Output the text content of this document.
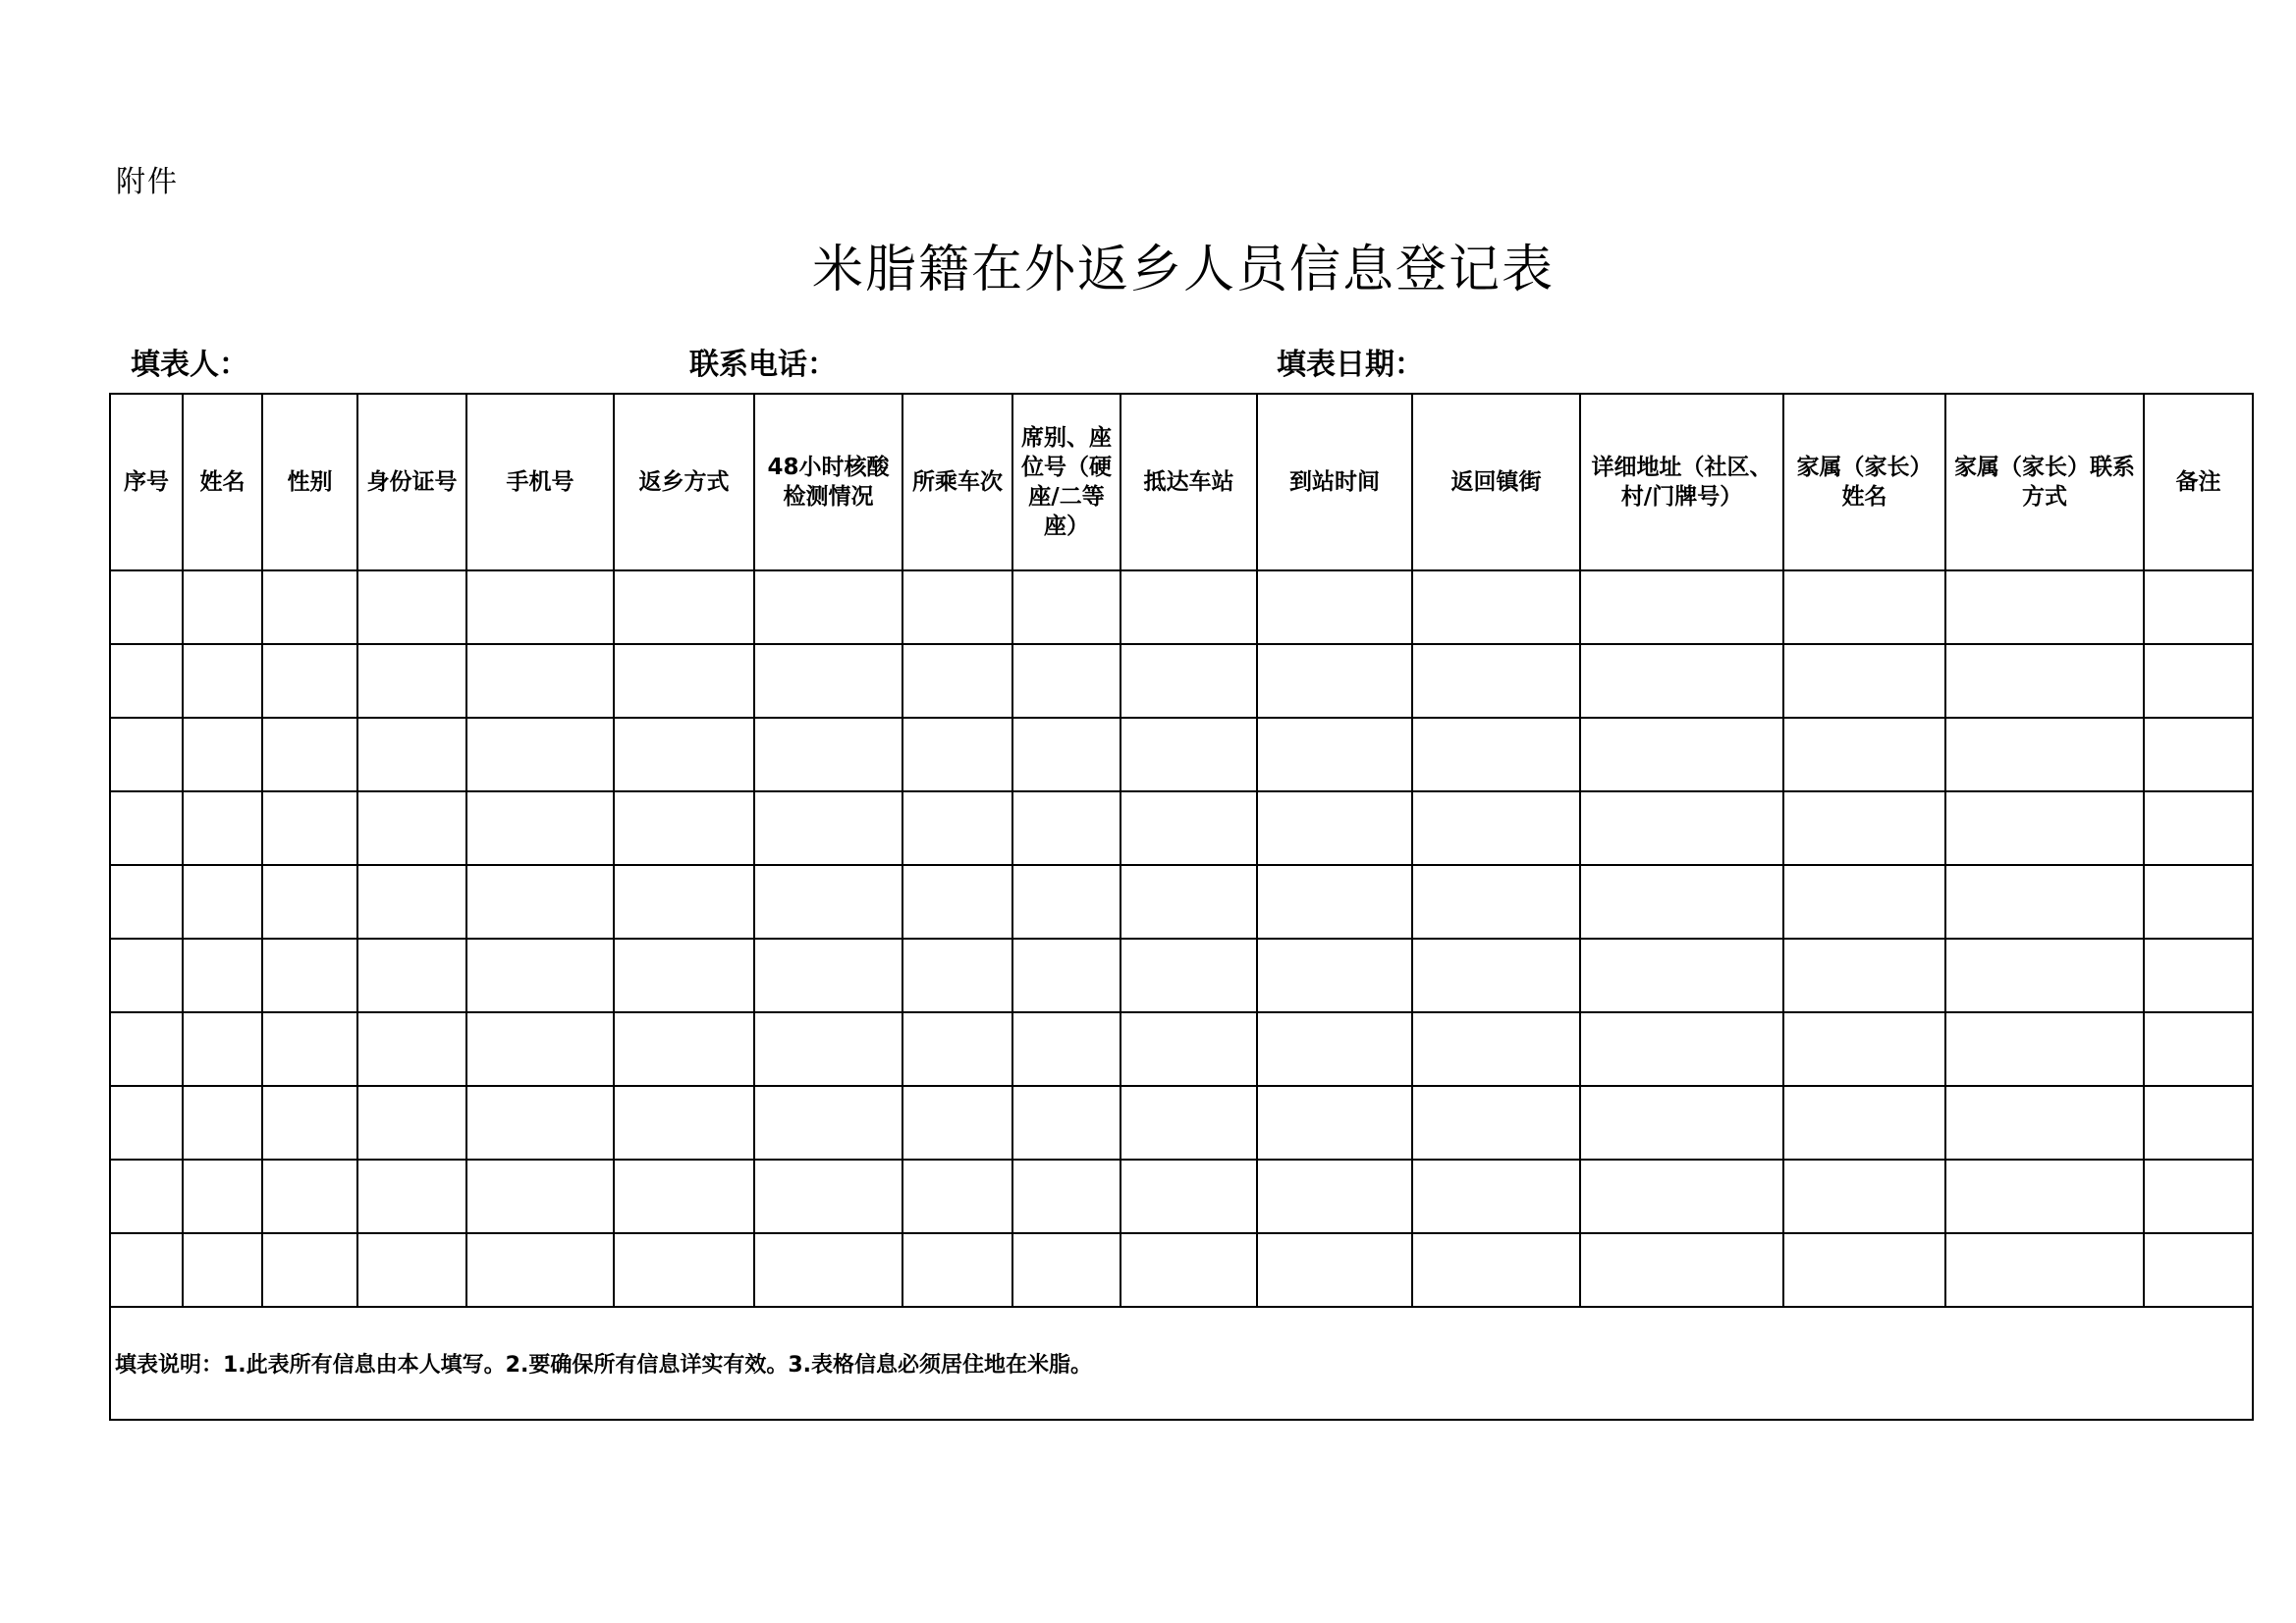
附件
米脂籍在外返乡人员信息登记表
填表人：	联系电话：	填表日期：
序号	姓名	性别	身份证号	手机号	返乡方式	48小时核酸检测情况	所乘车次	席别、座位号（硬座/二等座）	抵达车站	到站时间	返回镇街	详细地址（社区、村/门牌号）	家属（家长）姓名	家属（家长）联系方式	备注

填表说明：1.此表所有信息由本人填写。2.要确保所有信息详实有效。3.表格信息必须居住地在米脂。															
